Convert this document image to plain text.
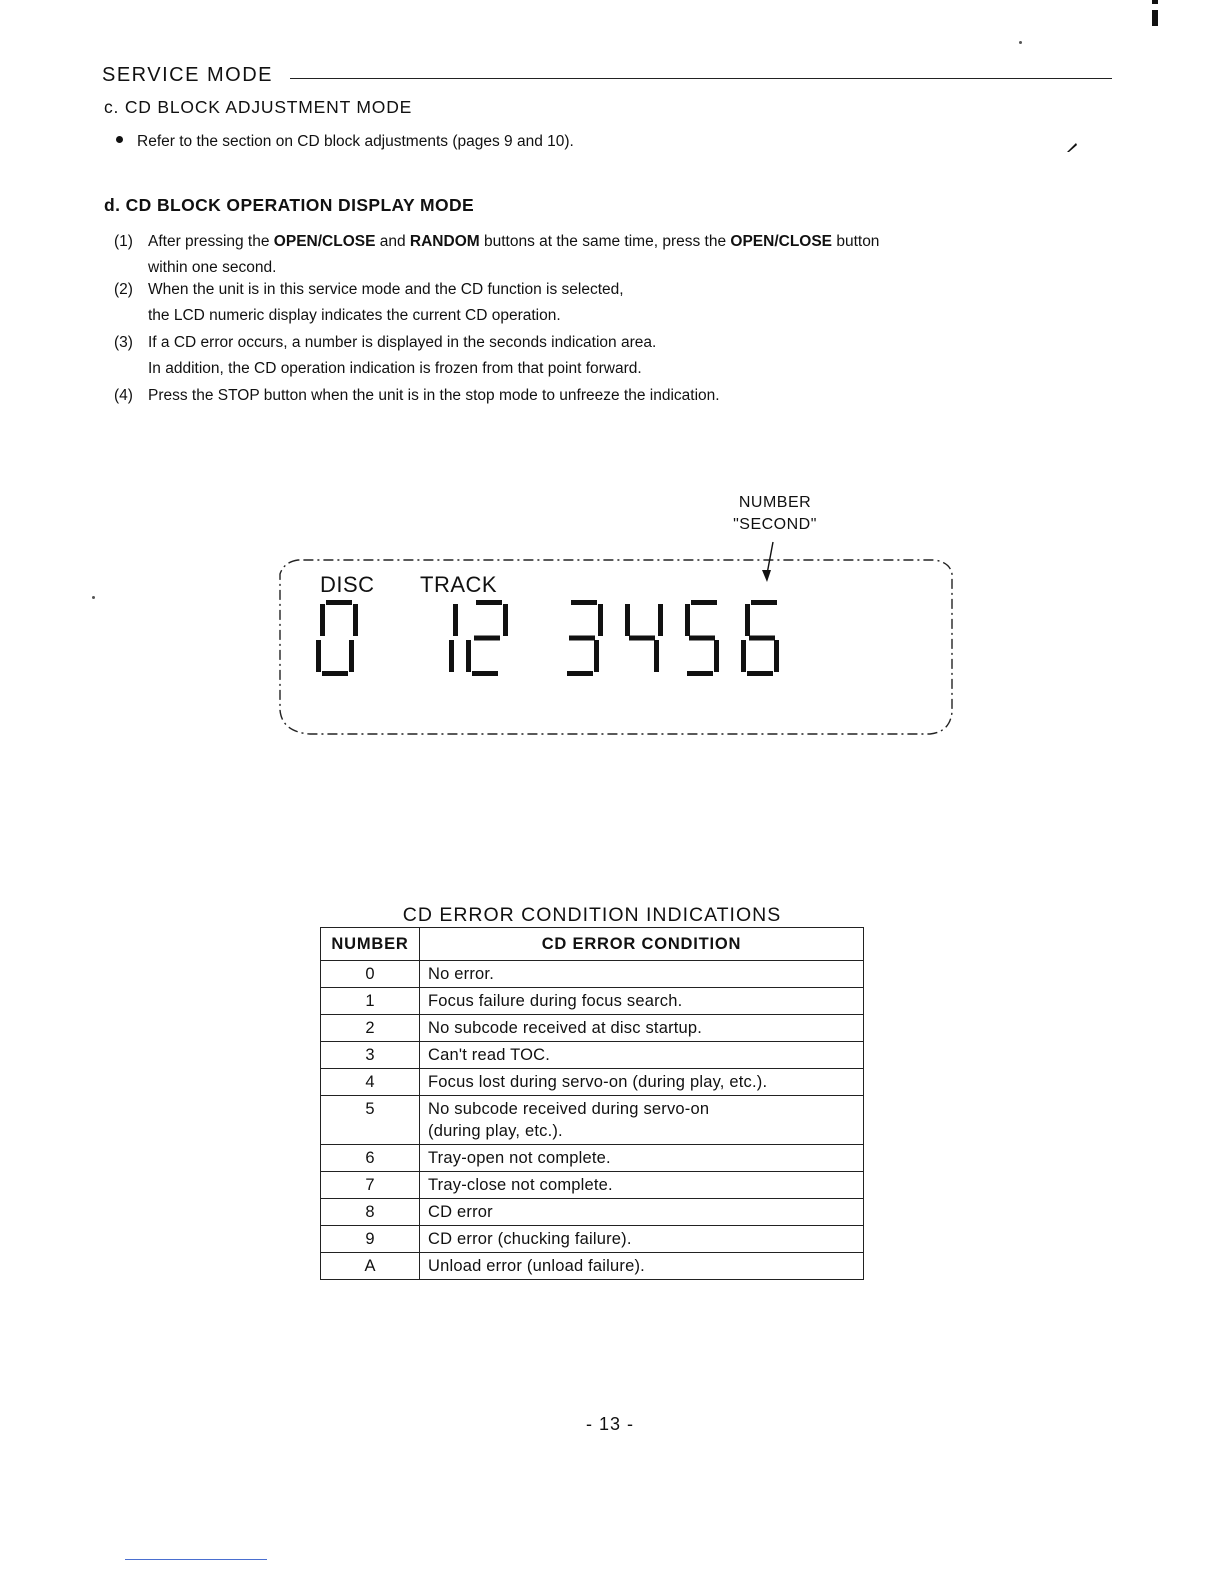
SERVICE MODE
c. CD BLOCK ADJUSTMENT MODE
Refer to the section on CD block adjustments (pages 9 and 10).
d. CD BLOCK OPERATION DISPLAY MODE
(1) After pressing the OPEN/CLOSE and RANDOM buttons at the same time, press the OPEN/CLOSE button
within one second.
(2) When the unit is in this service mode and the CD function is selected,
the LCD numeric display indicates the current CD operation.
(3) If a CD error occurs, a number is displayed in the seconds indication area.
In addition, the CD operation indication is frozen from that point forward.
(4) Press the STOP button when the unit is in the stop mode to unfreeze the indication.
NUMBER
"SECOND"
DISC TRACK
CD ERROR CONDITION INDICATIONS
NUMBER	CD ERROR CONDITION
0	No error.
1	Focus failure during focus search.
2	No subcode received at disc startup.
3	Can't read TOC.
4	Focus lost during servo-on (during play, etc.).
5	No subcode received during servo-on
(during play, etc.).

6	Tray-open not complete.
7	Tray-close not complete.
8	CD error
9	CD error (chucking failure).
A	Unload error (unload failure).
- 13 -
